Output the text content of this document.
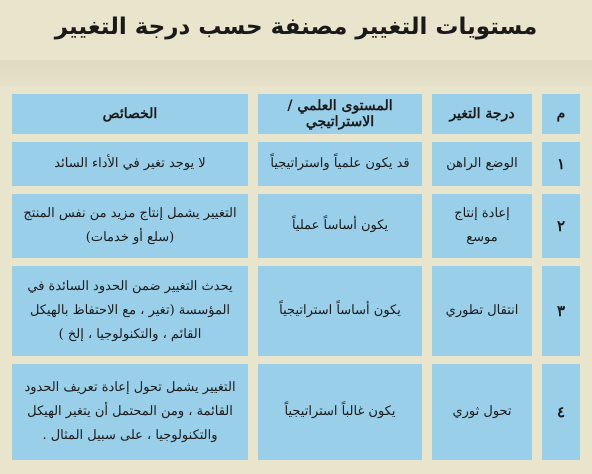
مستويات التغيير مصنفة حسب درجة التغيير
م
درجة التغير
المستوى العلمي / الاستراتيجي
الخصائص
١
الوضع الراهن
قد يكون علمياً واستراتيجياً
لا يوجد تغير في الأداء السائد
٢
إعادة إنتاج موسع
يكون أساساً عملياً
التغيير يشمل إنتاج مزيد من نفس المنتج (سلع أو خدمات)
٣
انتقال تطوري
يكون أساساً استراتيجياً
يحدث التغيير ضمن الحدود السائدة في المؤسسة (تغير ، مع الاحتفاظ بالهيكل القائم ، والتكنولوجيا ، إلخ )
٤
تحول ثوري
يكون غالباً استراتيجياً
التغيير يشمل تحول إعادة تعريف الحدود القائمة ، ومن المحتمل أن يتغير الهيكل والتكنولوجيا ، على سبيل المثال .
